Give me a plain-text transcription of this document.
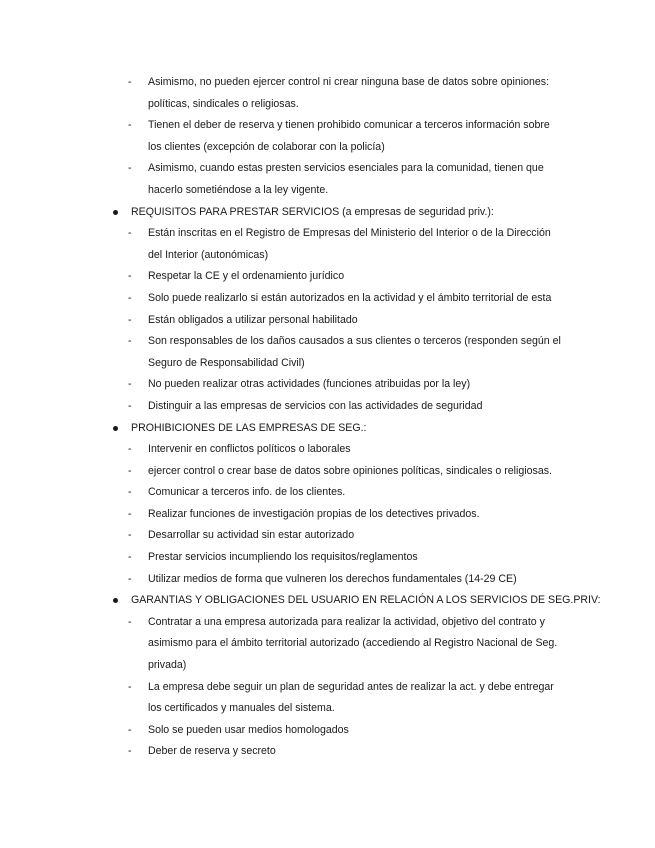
- Asimismo, no pueden ejercer control ni crear ninguna base de datos sobre opiniones:
políticas, sindicales o religiosas.
- Tienen el deber de reserva y tienen prohibido comunicar a terceros información sobre
los clientes (excepción de colaborar con la policía)
- Asimismo, cuando estas presten servicios esenciales para la comunidad, tienen que
hacerlo sometiéndose a la ley vigente.
REQUISITOS PARA PRESTAR SERVICIOS (a empresas de seguridad priv.):
- Están inscritas en el Registro de Empresas del Ministerio del Interior o de la Dirección
del Interior (autonómicas)
- Respetar la CE y el ordenamiento jurídico
- Solo puede realizarlo si están autorizados en la actividad y el ámbito territorial de esta
- Están obligados a utilizar personal habilitado
- Son responsables de los daños causados a sus clientes o terceros (responden según el
Seguro de Responsabilidad Civil)
- No pueden realizar otras actividades (funciones atribuidas por la ley)
- Distinguir a las empresas de servicios con las actividades de seguridad
PROHIBICIONES DE LAS EMPRESAS DE SEG.:
- Intervenir en conflictos políticos o laborales
- ejercer control o crear base de datos sobre opiniones políticas, sindicales o religiosas.
- Comunicar a terceros info. de los clientes.
- Realizar funciones de investigación propias de los detectives privados.
- Desarrollar su actividad sin estar autorizado
- Prestar servicios incumpliendo los requisitos/reglamentos
- Utilizar medios de forma que vulneren los derechos fundamentales (14-29 CE)
GARANTIAS Y OBLIGACIONES DEL USUARIO EN RELACIÓN A LOS SERVICIOS DE SEG.PRIV:
- Contratar a una empresa autorizada para realizar la actividad, objetivo del contrato y
asimismo para el ámbito territorial autorizado (accediendo al Registro Nacional de Seg.
privada)
- La empresa debe seguir un plan de seguridad antes de realizar la act. y debe entregar
los certificados y manuales del sistema.
- Solo se pueden usar medios homologados
- Deber de reserva y secreto
